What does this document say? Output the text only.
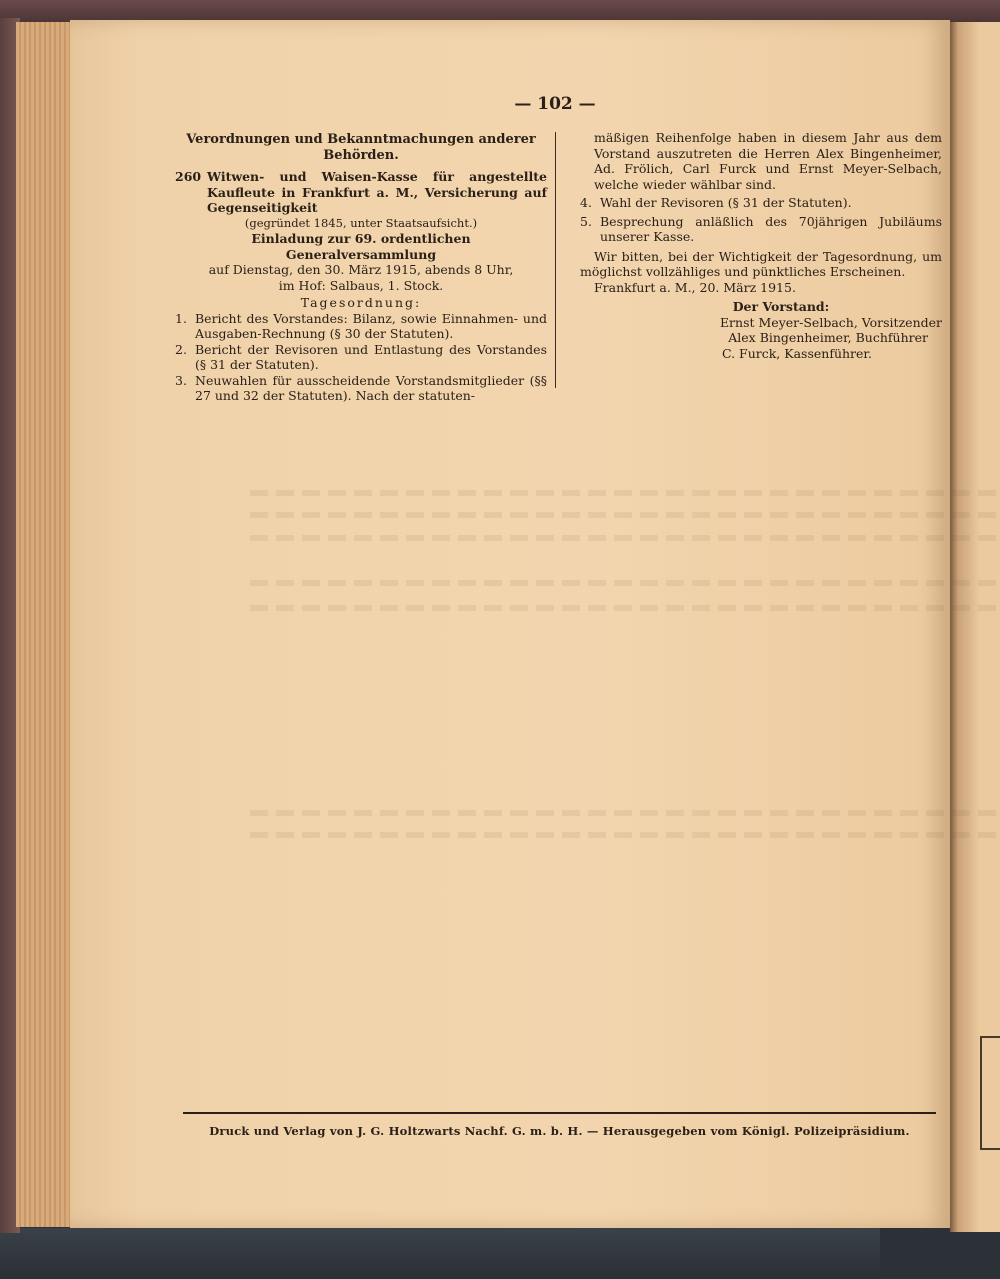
— 102 —

Verordnungen und Bekanntmachungen anderer Behörden.

260 Witwen- und Waisen-Kasse für angestellte Kaufleute in Frankfurt a. M., Versicherung auf Gegenseitigkeit

(gegründet 1845, unter Staatsaufsicht.)

Einladung zur 69. ordentlichen Generalversammlung

auf Dienstag, den 30. März 1915, abends 8 Uhr,

im Hof: Salbaus, 1. Stock.

Tagesordnung:

1. Bericht des Vorstandes: Bilanz, sowie Einnahmen- und Ausgaben-Rechnung (§ 30 der Statuten).
2. Bericht der Revisoren und Entlastung des Vorstandes (§ 31 der Statuten).
3. Neuwahlen für ausscheidende Vorstandsmitglieder (§§ 27 und 32 der Statuten). Nach der statuten-

mäßigen Reihenfolge haben in diesem Jahr aus dem Vorstand auszutreten die Herren Alex Bingenheimer, Ad. Frölich, Carl Furck und Ernst Meyer-Selbach, welche wieder wählbar sind.

4. Wahl der Revisoren (§ 31 der Statuten).
5. Besprechung anläßlich des 70jährigen Jubiläums unserer Kasse.

Wir bitten, bei der Wichtigkeit der Tagesordnung, um möglichst vollzähliges und pünktliches Erscheinen.

Frankfurt a. M., 20. März 1915.

Der Vorstand:

Ernst Meyer-Selbach, Vorsitzender

Alex Bingenheimer, Buchführer

C. Furck, Kassenführer.

Druck und Verlag von J. G. Holtzwarts Nachf. G. m. b. H. — Herausgegeben vom Königl. Polizeipräsidium.
